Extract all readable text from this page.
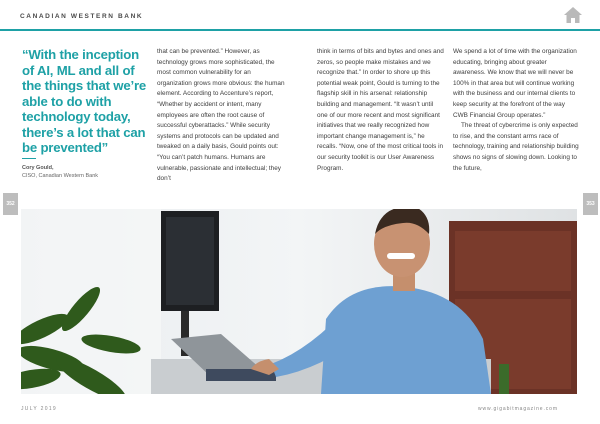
CANADIAN WESTERN BANK
“With the inception of AI, ML and all of the things that we’re able to do with technology today, there’s a lot that can be prevented”
Cory Gould,
CISO, Canadian Western Bank

that can be prevented.” However, as technology grows more sophisticated, the most common vulnerability for an organization grows more obvious: the human element. According to Accenture’s report, “Whether by accident or intent, many employees are often the root cause of successful cyberattacks.” While security systems and protocols can be updated and tweaked on a daily basis, Gould points out: “You can’t patch humans. Humans are vulnerable, passionate and intellectual; they don’t

think in terms of bits and bytes and ones and zeros, so people make mistakes and we recognize that.” In order to shore up this potential weak point, Gould is turning to the flagship skill in his arsenal: relationship building and management. “It wasn’t until one of our more recent and most significant initiatives that we really recognized how important change management is,” he recalls. “Now, one of the most critical tools in our security toolkit is our User Awareness Program.

We spend a lot of time with the organization educating, bringing about greater awareness. We know that we will never be 100% in that area but will continue working with the business and our internal clients to keep security at the forefront of the way CWB Financial Group operates.”

The threat of cybercrime is only expected to rise, and the constant arms race of technology, training and relationship building shows no signs of slowing down. Looking to the future,

352	353
JULY 2019	www.gigabitmagazine.com
